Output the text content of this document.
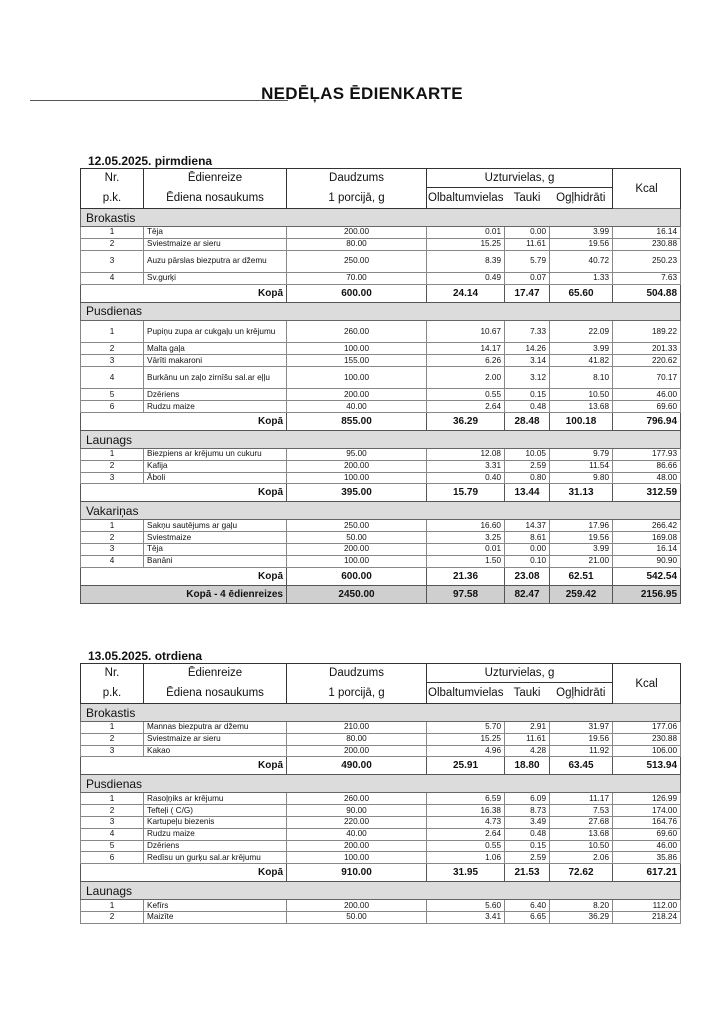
NEDĒĻAS ĒDIENKARTE
12.05.2025. pirmdiena
Nr.	Ēdienreize	Daudzums	Uzturvielas, g			Kcal
p.k.	Ēdiena nosaukums	1 porcijā, g	Olbaltumvielas	Tauki	Ogļhidrāti	
Brokastis						
1	Tēja	200.00	0.01	0.00	3.99	16.14
2	Sviestmaize ar sieru	80.00	15.25	11.61	19.56	230.88
3	Auzu pārslas biezputra ar džemu	250.00	8.39	5.79	40.72	250.23
4	Sv.gurķi	70.00	0.49	0.07	1.33	7.63
Kopā		600.00	24.14	17.47	65.60	504.88
Pusdienas						
1	Pupiņu zupa ar cukgaļu un krējumu	260.00	10.67	7.33	22.09	189.22
2	Malta gaļa	100.00	14.17	14.26	3.99	201.33
3	Vārīti makaroni	155.00	6.26	3.14	41.82	220.62
4	Burkānu un zaļo zirnīšu sal.ar eļļu	100.00	2.00	3.12	8.10	70.17
5	Dzēriens	200.00	0.55	0.15	10.50	46.00
6	Rudzu maize	40.00	2.64	0.48	13.68	69.60
Kopā		855.00	36.29	28.48	100.18	796.94
Launags						
1	Biezpiens ar krējumu un cukuru	95.00	12.08	10.05	9.79	177.93
2	Kafija	200.00	3.31	2.59	11.54	86.66
3	Āboli	100.00	0.40	0.80	9.80	48.00
Kopā		395.00	15.79	13.44	31.13	312.59
Vakariņas						
1	Sakņu sautējums ar gaļu	250.00	16.60	14.37	17.96	266.42
2	Sviestmaize	50.00	3.25	8.61	19.56	169.08
3	Tēja	200.00	0.01	0.00	3.99	16.14
4	Banāni	100.00	1.50	0.10	21.00	90.90
Kopā		600.00	21.36	23.08	62.51	542.54
Kopā - 4 ēdienreizes		2450.00	97.58	82.47	259.42	2156.95
13.05.2025. otrdiena
Nr.	Ēdienreize	Daudzums	Uzturvielas, g			Kcal
p.k.	Ēdiena nosaukums	1 porcijā, g	Olbaltumvielas	Tauki	Ogļhidrāti	
Brokastis						
1	Mannas biezputra ar džemu	210.00	5.70	2.91	31.97	177.06
2	Sviestmaize ar sieru	80.00	15.25	11.61	19.56	230.88
3	Kakao	200.00	4.96	4.28	11.92	106.00
Kopā		490.00	25.91	18.80	63.45	513.94
Pusdienas						
1	Rasoļņiks ar krējumu	260.00	6.59	6.09	11.17	126.99
2	Tefteļi ( C/G)	90.00	16.38	8.73	7.53	174.00
3	Kartupeļu biezenis	220.00	4.73	3.49	27.68	164.76
4	Rudzu maize	40.00	2.64	0.48	13.68	69.60
5	Dzēriens	200.00	0.55	0.15	10.50	46.00
6	Redīsu un gurķu sal.ar krējumu	100.00	1.06	2.59	2.06	35.86
Kopā		910.00	31.95	21.53	72.62	617.21
Launags						
1	Kefīrs	200.00	5.60	6.40	8.20	112.00
2	Maizīte	50.00	3.41	6.65	36.29	218.24
